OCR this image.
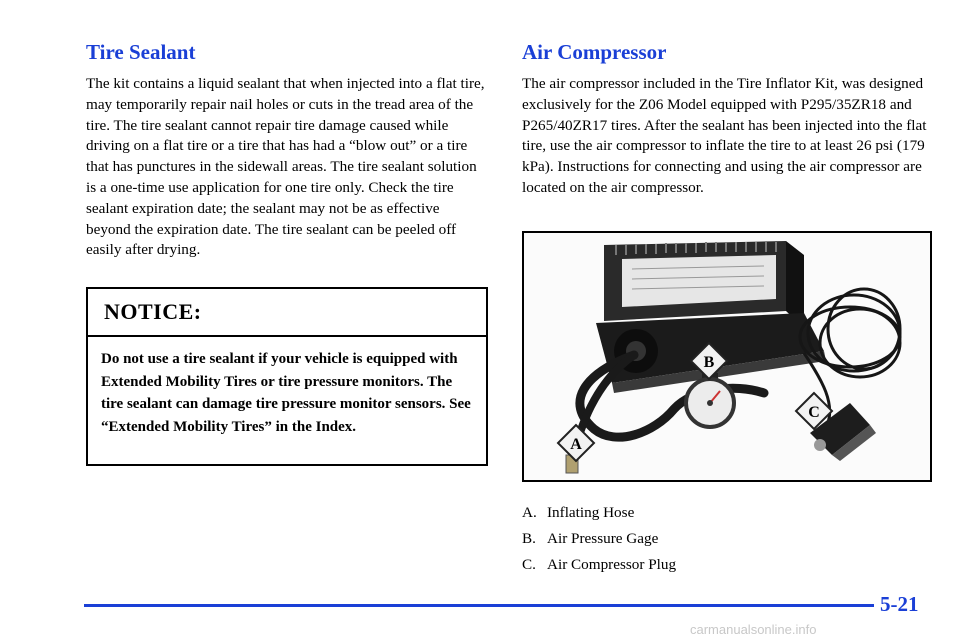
Tire Sealant

The kit contains a liquid sealant that when injected into a flat tire, may temporarily repair nail holes or cuts in the tread area of the tire. The tire sealant cannot repair tire damage caused while driving on a flat tire or a tire that has had a “blow out” or a tire that has punctures in the sidewall areas. The tire sealant solution is a one‑time use application for one tire only. Check the tire sealant expiration date; the sealant may not be as effective beyond the expiration date. The tire sealant can be peeled off easily after drying.

NOTICE:
Do not use a tire sealant if your vehicle is equipped with Extended Mobility Tires or tire pressure monitors. The tire sealant can damage tire pressure monitor sensors. See “Extended Mobility Tires” in the Index.
Air Compressor

The air compressor included in the Tire Inflator Kit, was designed exclusively for the Z06 Model equipped with P295/35ZR18 and P265/40ZR17 tires. After the sealant has been injected into the flat tire, use the air compressor to inflate the tire to at least 26 psi (179 kPa). Instructions for connecting and using the air compressor are located on the air compressor.

B
C
A
A. Inflating Hose
B. Air Pressure Gage
C. Air Compressor Plug
5-21
carmanualsonline.info
